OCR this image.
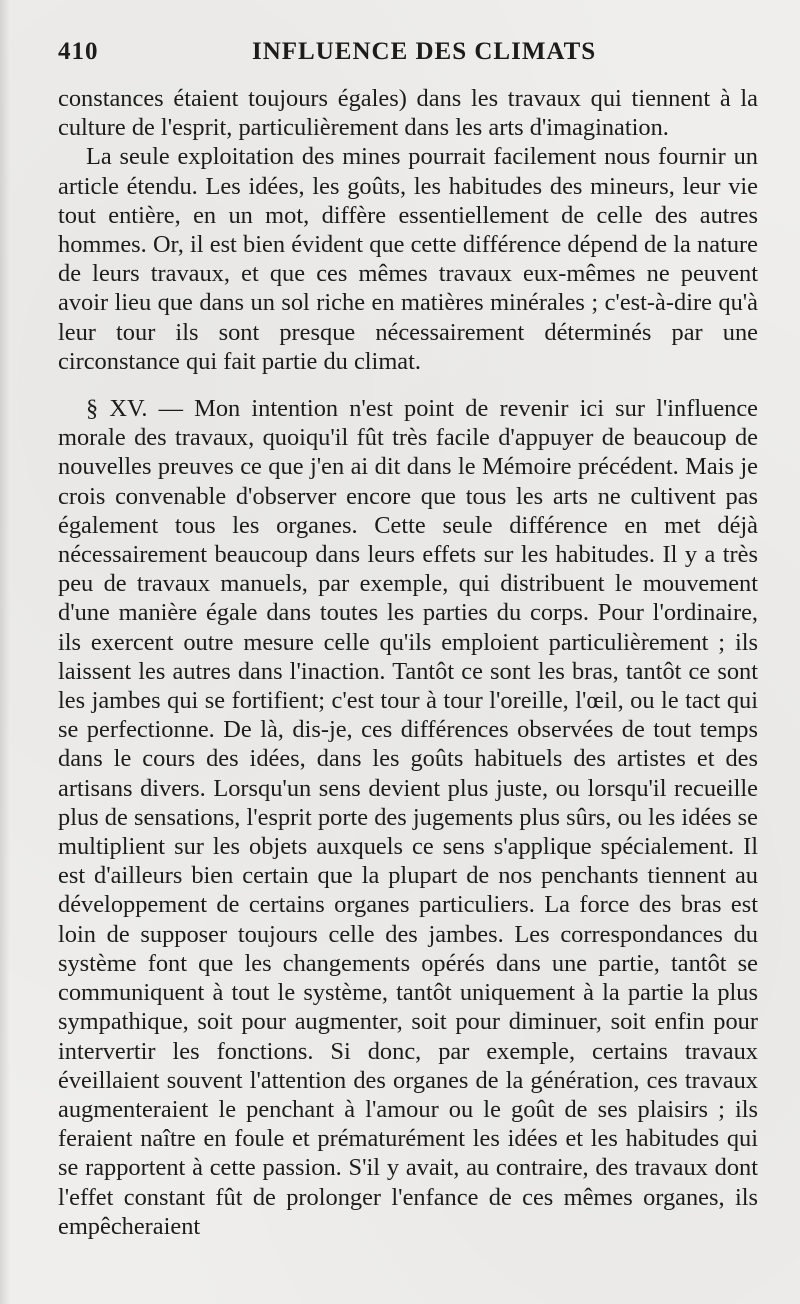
410	INFLUENCE DES CLIMATS

constances étaient toujours égales) dans les travaux qui tiennent à la culture de l'esprit, particulièrement dans les arts d'imagination.

La seule exploitation des mines pourrait facilement nous fournir un article étendu. Les idées, les goûts, les habitudes des mineurs, leur vie tout entière, en un mot, diffère essentiellement de celle des autres hommes. Or, il est bien évident que cette différence dépend de la nature de leurs travaux, et que ces mêmes travaux eux-mêmes ne peuvent avoir lieu que dans un sol riche en matières minérales ; c'est-à-dire qu'à leur tour ils sont presque nécessairement déterminés par une circonstance qui fait partie du climat.

§ XV. — Mon intention n'est point de revenir ici sur l'influence morale des travaux, quoiqu'il fût très facile d'appuyer de beaucoup de nouvelles preuves ce que j'en ai dit dans le Mémoire précédent. Mais je crois convenable d'observer encore que tous les arts ne cultivent pas également tous les organes. Cette seule différence en met déjà nécessairement beaucoup dans leurs effets sur les habitudes. Il y a très peu de travaux manuels, par exemple, qui distribuent le mouvement d'une manière égale dans toutes les parties du corps. Pour l'ordinaire, ils exercent outre mesure celle qu'ils emploient particulièrement ; ils laissent les autres dans l'inaction. Tantôt ce sont les bras, tantôt ce sont les jambes qui se fortifient; c'est tour à tour l'oreille, l'œil, ou le tact qui se perfectionne. De là, dis-je, ces différences observées de tout temps dans le cours des idées, dans les goûts habituels des artistes et des artisans divers. Lorsqu'un sens devient plus juste, ou lorsqu'il recueille plus de sensations, l'esprit porte des jugements plus sûrs, ou les idées se multiplient sur les objets auxquels ce sens s'applique spécialement. Il est d'ailleurs bien certain que la plupart de nos penchants tiennent au développement de certains organes particuliers. La force des bras est loin de supposer toujours celle des jambes. Les correspondances du système font que les changements opérés dans une partie, tantôt se communiquent à tout le système, tantôt uniquement à la partie la plus sympathique, soit pour augmenter, soit pour diminuer, soit enfin pour intervertir les fonctions. Si donc, par exemple, certains travaux éveillaient souvent l'attention des organes de la génération, ces travaux augmenteraient le penchant à l'amour ou le goût de ses plaisirs ; ils feraient naître en foule et prématurément les idées et les habitudes qui se rapportent à cette passion. S'il y avait, au contraire, des travaux dont l'effet constant fût de prolonger l'enfance de ces mêmes organes, ils empêcheraient
